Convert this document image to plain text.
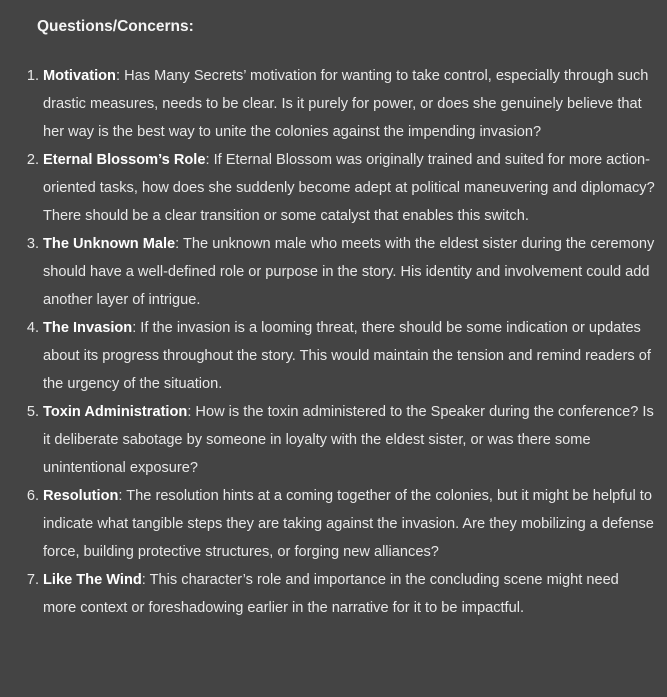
Questions/Concerns:
1. Motivation: Has Many Secrets’ motivation for wanting to take control, especially through such drastic measures, needs to be clear. Is it purely for power, or does she genuinely believe that her way is the best way to unite the colonies against the impending invasion?
2. Eternal Blossom’s Role: If Eternal Blossom was originally trained and suited for more action-oriented tasks, how does she suddenly become adept at political maneuvering and diplomacy? There should be a clear transition or some catalyst that enables this switch.
3. The Unknown Male: The unknown male who meets with the eldest sister during the ceremony should have a well-defined role or purpose in the story. His identity and involvement could add another layer of intrigue.
4. The Invasion: If the invasion is a looming threat, there should be some indication or updates about its progress throughout the story. This would maintain the tension and remind readers of the urgency of the situation.
5. Toxin Administration: How is the toxin administered to the Speaker during the conference? Is it deliberate sabotage by someone in loyalty with the eldest sister, or was there some unintentional exposure?
6. Resolution: The resolution hints at a coming together of the colonies, but it might be helpful to indicate what tangible steps they are taking against the invasion. Are they mobilizing a defense force, building protective structures, or forging new alliances?
7. Like The Wind: This character’s role and importance in the concluding scene might need more context or foreshadowing earlier in the narrative for it to be impactful.
